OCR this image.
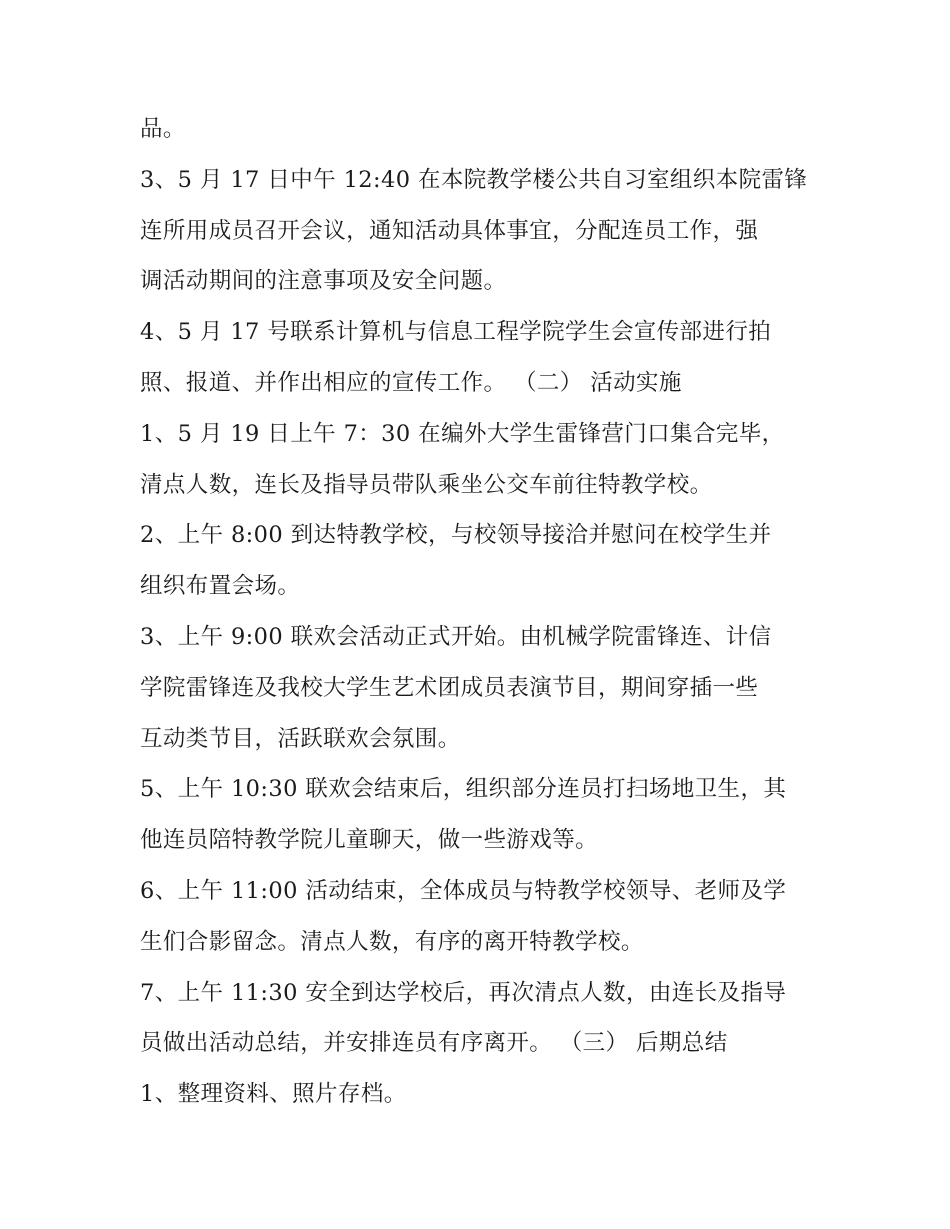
品。

3、5 月 17 日中午 12:40 在本院教学楼公共自习室组织本院雷锋

连所用成员召开会议，通知活动具体事宜，分配连员工作，强

调活动期间的注意事项及安全问题。

4、5 月 17 号联系计算机与信息工程学院学生会宣传部进行拍

照、报道、并作出相应的宣传工作。 （二） 活动实施

1、5 月 19 日上午 7：30 在编外大学生雷锋营门口集合完毕，

清点人数，连长及指导员带队乘坐公交车前往特教学校。

2、上午 8:00 到达特教学校，与校领导接洽并慰问在校学生并

组织布置会场。

3、上午 9:00 联欢会活动正式开始。由机械学院雷锋连、计信

学院雷锋连及我校大学生艺术团成员表演节目，期间穿插一些

互动类节目，活跃联欢会氛围。

5、上午 10:30 联欢会结束后，组织部分连员打扫场地卫生，其

他连员陪特教学院儿童聊天，做一些游戏等。

6、上午 11:00 活动结束，全体成员与特教学校领导、老师及学

生们合影留念。清点人数，有序的离开特教学校。

7、上午 11:30 安全到达学校后，再次清点人数，由连长及指导

员做出活动总结，并安排连员有序离开。 （三） 后期总结

1、整理资料、照片存档。
